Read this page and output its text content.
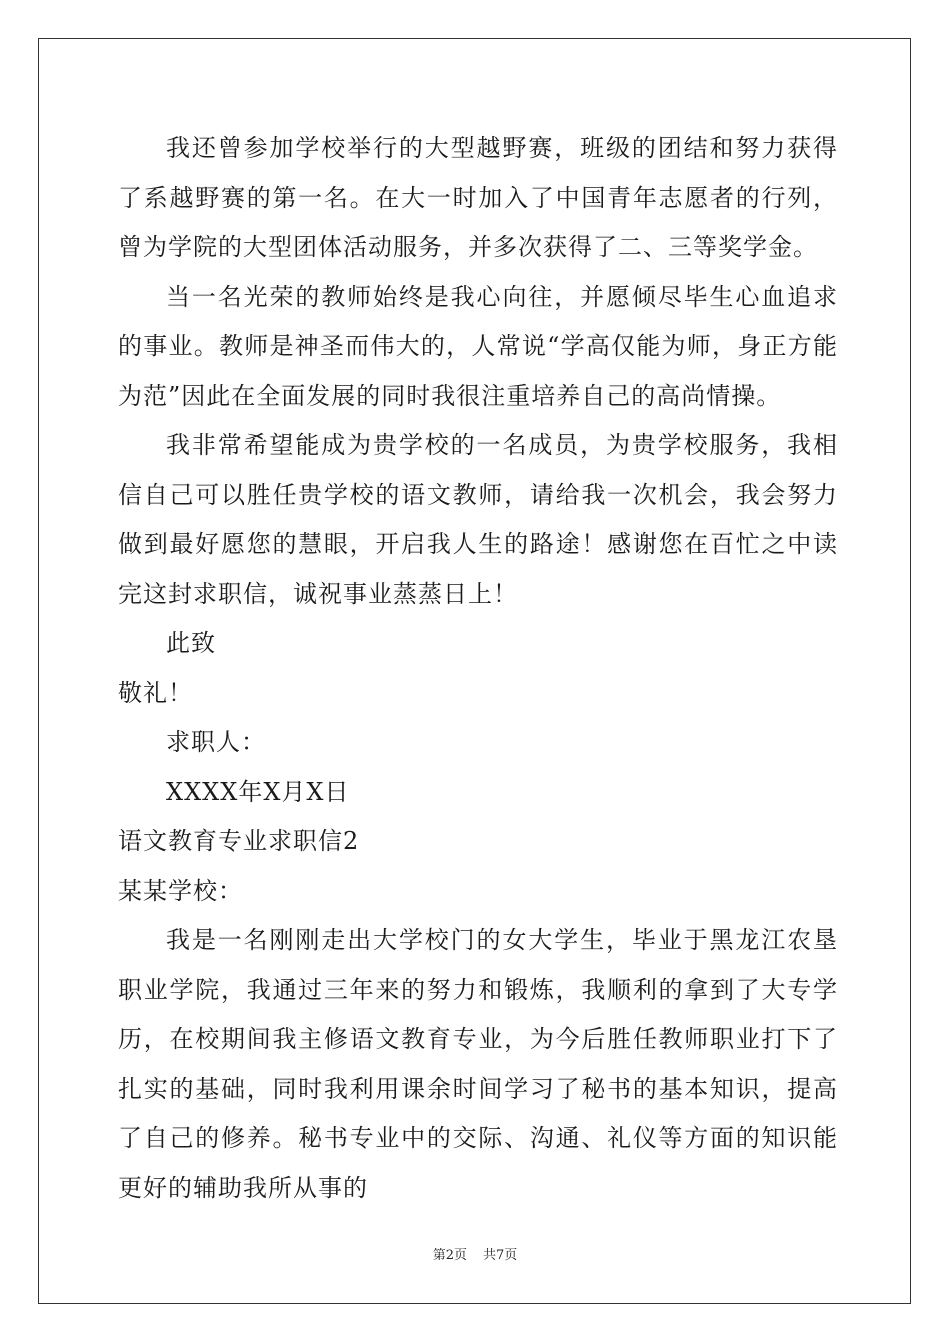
我还曾参加学校举行的大型越野赛，班级的团结和努力获得了系越野赛的第一名。在大一时加入了中国青年志愿者的行列，曾为学院的大型团体活动服务，并多次获得了二、三等奖学金。

当一名光荣的教师始终是我心向往，并愿倾尽毕生心血追求的事业。教师是神圣而伟大的，人常说“学高仅能为师，身正方能为范”因此在全面发展的同时我很注重培养自己的高尚情操。

我非常希望能成为贵学校的一名成员，为贵学校服务，我相信自己可以胜任贵学校的语文教师，请给我一次机会，我会努力做到最好愿您的慧眼，开启我人生的路途！感谢您在百忙之中读完这封求职信，诚祝事业蒸蒸日上！

此致

敬礼！

求职人：

XXXX年X月X日

语文教育专业求职信2

某某学校：

我是一名刚刚走出大学校门的女大学生，毕业于黑龙江农垦职业学院，我通过三年来的努力和锻炼，我顺利的拿到了大专学历，在校期间我主修语文教育专业，为今后胜任教师职业打下了扎实的基础，同时我利用课余时间学习了秘书的基本知识，提高了自己的修养。秘书专业中的交际、沟通、礼仪等方面的知识能更好的辅助我所从事的

第2页 共7页
